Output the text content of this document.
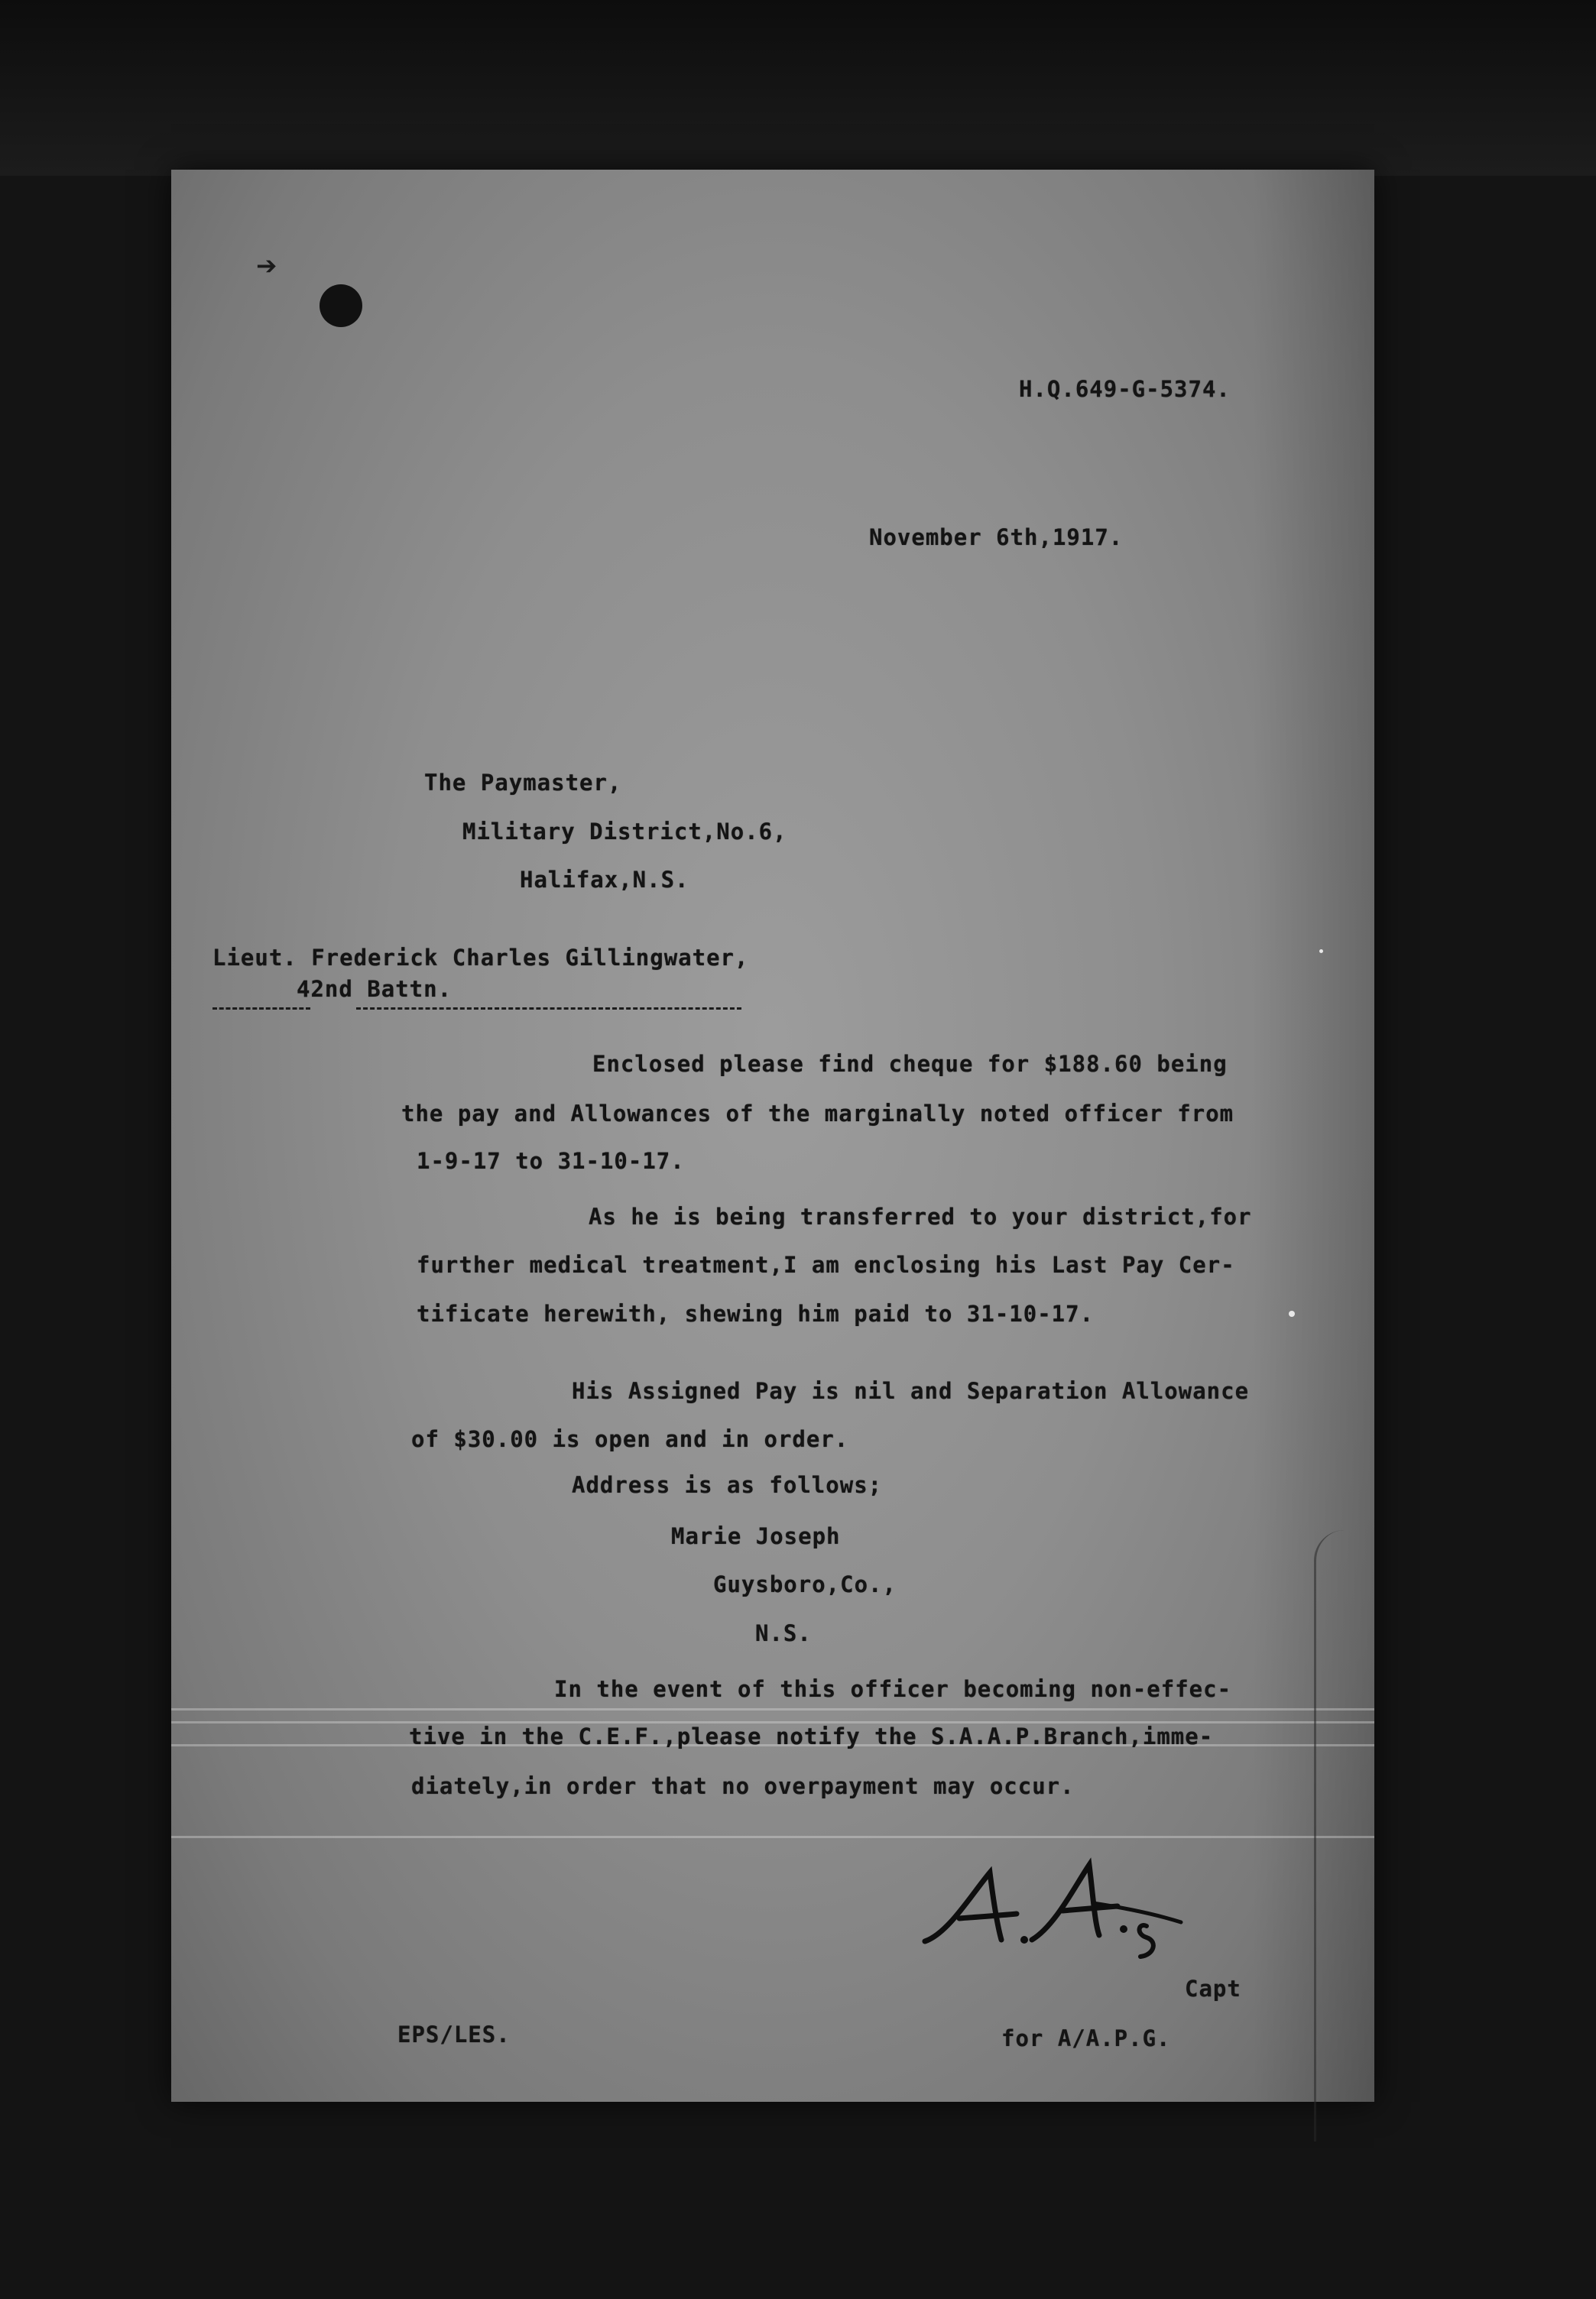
➔
H.Q.649-G-5374.
November 6th,1917.
The Paymaster,
Military District,No.6,
Halifax,N.S.
Lieut. Frederick Charles Gillingwater,
42nd Battn.
Enclosed please find cheque for $188.60 being
the pay and Allowances of the marginally noted officer from
1-9-17 to 31-10-17.
As he is being transferred to your district,for
further medical treatment,I am enclosing his Last Pay Cer-
tificate herewith, shewing him paid to 31-10-17.
His Assigned Pay is nil and Separation Allowance
of $30.00 is open and in order.
Address is as follows;
Marie Joseph
Guysboro,Co.,
N.S.
In the event of this officer becoming non-effec-
tive in the C.E.F.,please notify the S.A.A.P.Branch,imme-
diately,in order that no overpayment may occur.
Capt
for A/A.P.G.
EPS/LES.
